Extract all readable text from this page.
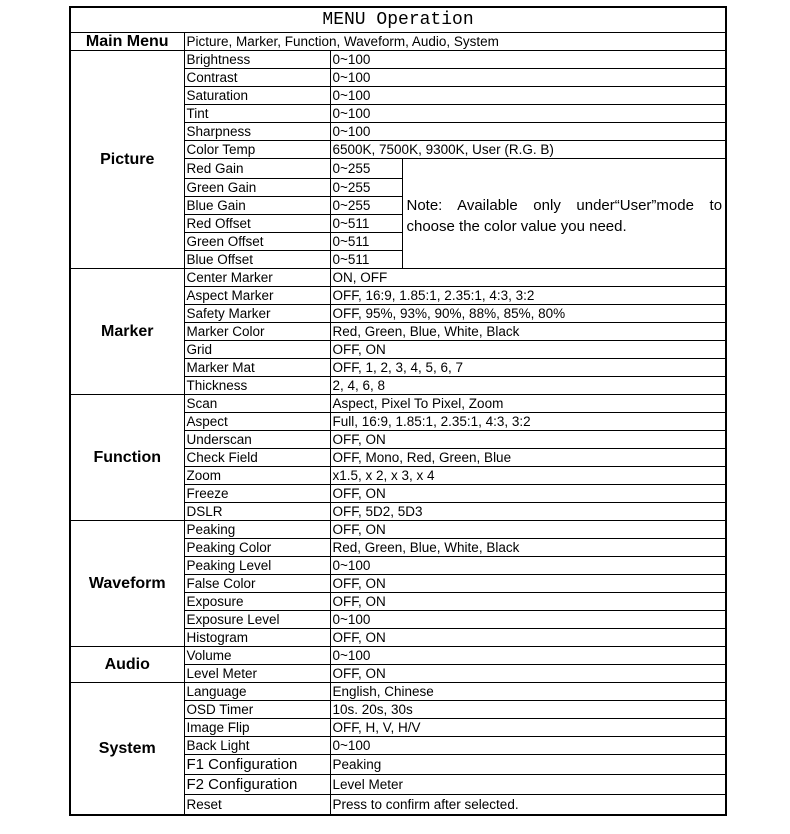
MENU Operation			
Main Menu	Picture, Marker, Function, Waveform, Audio, System		
Picture	Brightness	0~100	
	Contrast	0~100	
	Saturation	0~100	
	Tint	0~100	
	Sharpness	0~100	
	Color Temp	6500K, 7500K, 9300K, User (R.G. B)	
	Red Gain	0~255	Note: Available only under“User”mode to choose the color value you need.
	Green Gain	0~255	
	Blue Gain	0~255	
	Red Offset	0~511	
	Green Offset	0~511	
	Blue Offset	0~511	
Marker	Center Marker	ON, OFF	
	Aspect Marker	OFF, 16:9, 1.85:1, 2.35:1, 4:3, 3:2	
	Safety Marker	OFF, 95%, 93%, 90%, 88%, 85%, 80%	
	Marker Color	Red, Green, Blue, White, Black	
	Grid	OFF, ON	
	Marker Mat	OFF, 1, 2, 3, 4, 5, 6, 7	
	Thickness	2, 4, 6, 8	
Function	Scan	Aspect, Pixel To Pixel, Zoom	
	Aspect	Full, 16:9, 1.85:1, 2.35:1, 4:3, 3:2	
	Underscan	OFF, ON	
	Check Field	OFF, Mono, Red, Green, Blue	
	Zoom	x1.5, x 2, x 3, x 4	
	Freeze	OFF, ON	
	DSLR	OFF, 5D2, 5D3	
Waveform	Peaking	OFF, ON	
	Peaking Color	Red, Green, Blue, White, Black	
	Peaking Level	0~100	
	False Color	OFF, ON	
	Exposure	OFF, ON	
	Exposure Level	0~100	
	Histogram	OFF, ON	
Audio	Volume	0~100	
	Level Meter	OFF, ON	
System	Language	English, Chinese	
	OSD Timer	10s. 20s, 30s	
	Image Flip	OFF, H, V, H/V	
	Back Light	0~100	
	F1 Configuration	Peaking	
	F2 Configuration	Level Meter	
	Reset	Press to confirm after selected.	
